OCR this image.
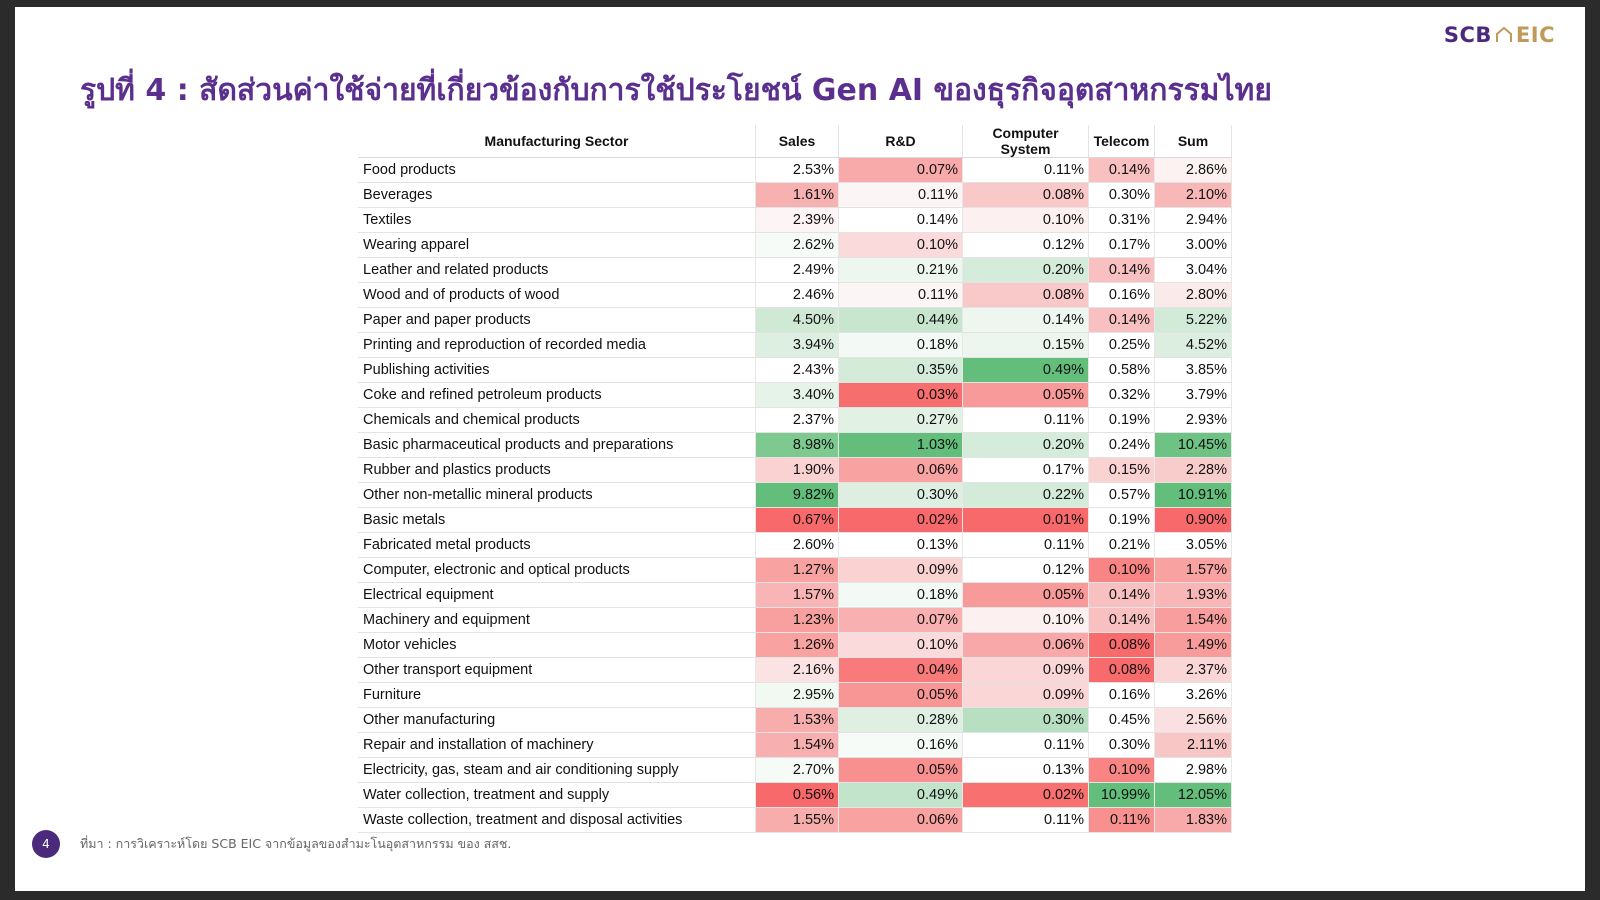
SCB EIC
รูปที่ 4 : สัดส่วนค่าใช้จ่ายที่เกี่ยวข้องกับการใช้ประโยชน์ Gen AI ของธุรกิจอุตสาหกรรมไทย
Manufacturing Sector	Sales	R&D	Computer System	Telecom	Sum
Food products	2.53%	0.07%	0.11%	0.14%	2.86%
Beverages	1.61%	0.11%	0.08%	0.30%	2.10%
Textiles	2.39%	0.14%	0.10%	0.31%	2.94%
Wearing apparel	2.62%	0.10%	0.12%	0.17%	3.00%
Leather and related products	2.49%	0.21%	0.20%	0.14%	3.04%
Wood and of products of wood	2.46%	0.11%	0.08%	0.16%	2.80%
Paper and paper products	4.50%	0.44%	0.14%	0.14%	5.22%
Printing and reproduction of recorded media	3.94%	0.18%	0.15%	0.25%	4.52%
Publishing activities	2.43%	0.35%	0.49%	0.58%	3.85%
Coke and refined petroleum products	3.40%	0.03%	0.05%	0.32%	3.79%
Chemicals and chemical products	2.37%	0.27%	0.11%	0.19%	2.93%
Basic pharmaceutical products and preparations	8.98%	1.03%	0.20%	0.24%	10.45%
Rubber and plastics products	1.90%	0.06%	0.17%	0.15%	2.28%
Other non-metallic mineral products	9.82%	0.30%	0.22%	0.57%	10.91%
Basic metals	0.67%	0.02%	0.01%	0.19%	0.90%
Fabricated metal products	2.60%	0.13%	0.11%	0.21%	3.05%
Computer, electronic and optical products	1.27%	0.09%	0.12%	0.10%	1.57%
Electrical equipment	1.57%	0.18%	0.05%	0.14%	1.93%
Machinery and equipment	1.23%	0.07%	0.10%	0.14%	1.54%
Motor vehicles	1.26%	0.10%	0.06%	0.08%	1.49%
Other transport equipment	2.16%	0.04%	0.09%	0.08%	2.37%
Furniture	2.95%	0.05%	0.09%	0.16%	3.26%
Other manufacturing	1.53%	0.28%	0.30%	0.45%	2.56%
Repair and installation of machinery	1.54%	0.16%	0.11%	0.30%	2.11%
Electricity, gas, steam and air conditioning supply	2.70%	0.05%	0.13%	0.10%	2.98%
Water collection, treatment and supply	0.56%	0.49%	0.02%	10.99%	12.05%
Waste collection, treatment and disposal activities	1.55%	0.06%	0.11%	0.11%	1.83%
4	ที่มา : การวิเคราะห์โดย SCB EIC จากข้อมูลของสำมะโนอุตสาหกรรม ของ สสช.
